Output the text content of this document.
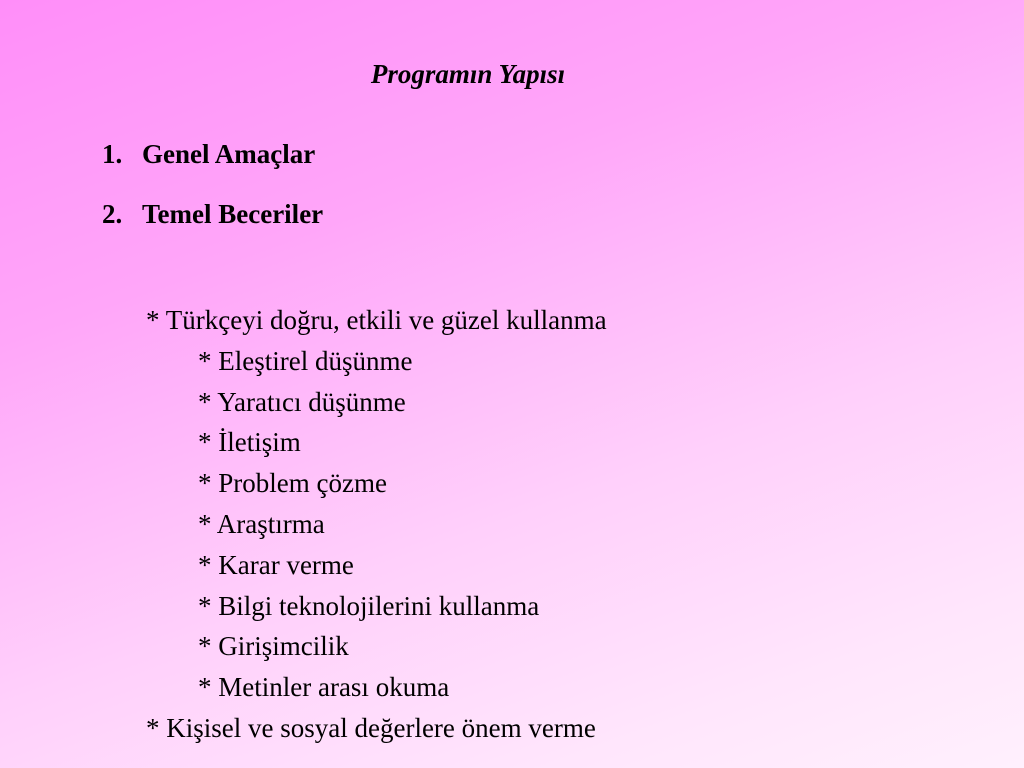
Programın Yapısı
1. Genel Amaçlar
2. Temel Beceriler
* Türkçeyi doğru, etkili ve güzel kullanma
* Eleştirel düşünme
* Yaratıcı düşünme
* İletişim
* Problem çözme
* Araştırma
* Karar verme
* Bilgi teknolojilerini kullanma
* Girişimcilik
* Metinler arası okuma
* Kişisel ve sosyal değerlere önem verme
